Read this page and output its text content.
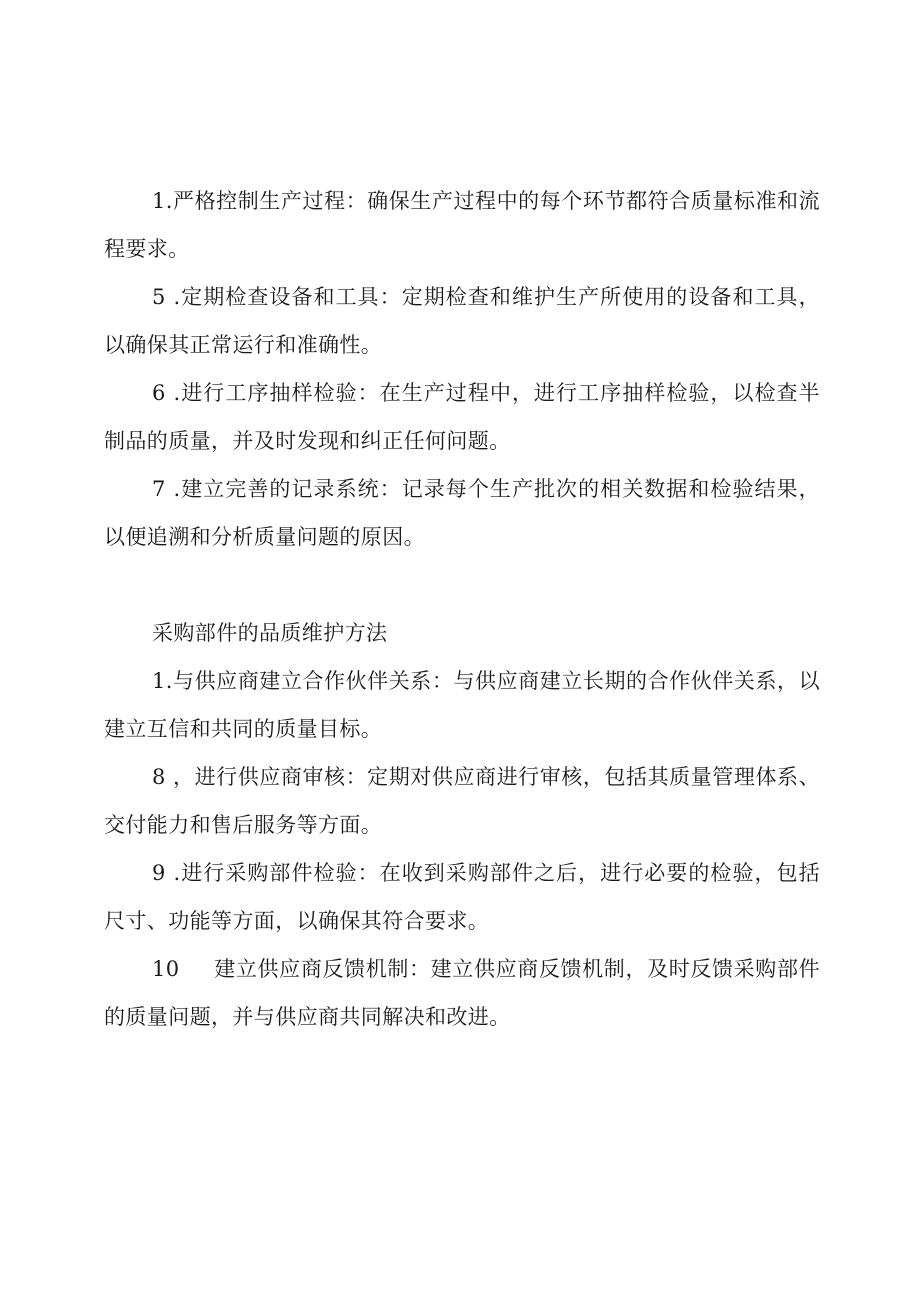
1.严格控制生产过程：确保生产过程中的每个环节都符合质量标准和流程要求。

5 .定期检查设备和工具：定期检查和维护生产所使用的设备和工具，以确保其正常运行和准确性。

6 .进行工序抽样检验：在生产过程中，进行工序抽样检验，以检查半制品的质量，并及时发现和纠正任何问题。

7 .建立完善的记录系统：记录每个生产批次的相关数据和检验结果，以便追溯和分析质量问题的原因。

采购部件的品质维护方法

1.与供应商建立合作伙伴关系：与供应商建立长期的合作伙伴关系，以建立互信和共同的质量目标。

8 ，进行供应商审核：定期对供应商进行审核，包括其质量管理体系、交付能力和售后服务等方面。

9 .进行采购部件检验：在收到采购部件之后，进行必要的检验，包括尺寸、功能等方面，以确保其符合要求。

10 建立供应商反馈机制：建立供应商反馈机制，及时反馈采购部件的质量问题，并与供应商共同解决和改进。
